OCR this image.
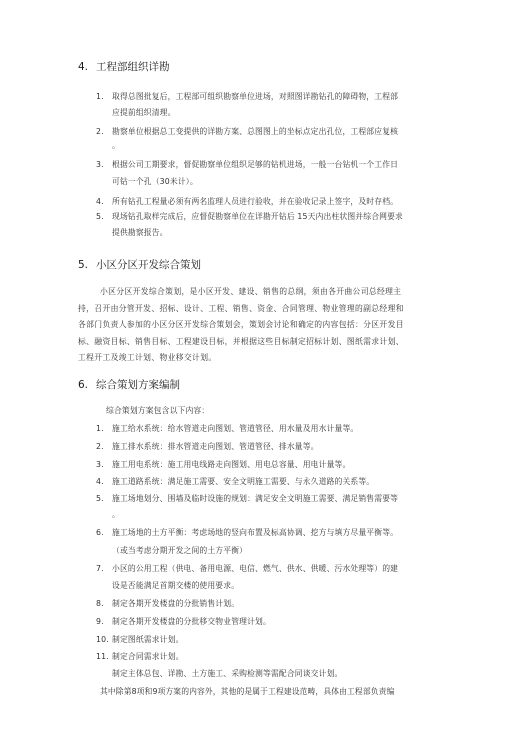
4. 工程部组织详勘
1. 取得总图批复后，工程部可组织勘察单位进场，对照图详勘钻孔的障碍物，工程部
应提前组织清理。
2. 勘察单位根据总工变提供的详勘方案、总图图上的坐标点定出孔位，工程部应复核
。
3. 根据公司工期要求，督促勘察单位组织足够的钻机进场，一般一台钻机一个工作日
可钻一个孔（30米计）。
4. 所有钻孔工程量必须有两名监理人员进行验收，并在验收记录上签字，及时存档。
5. 现场钻孔取样完成后，应督促勘察单位在详勘开钻后 15天内出柱状图并综合网要求
提供勘察报告。
5. 小区分区开发综合策划
小区分区开发综合策划，是小区开发、建设、销售的总纲，须由各开曲公司总经理主
持，召开由分管开发、招标、设计、工程、销售、资金、合同管理、物业管理的副总经理和
各部门负责人参加的小区分区开发综合策划会，策划会讨论和确定的内容包括：分区开发目
标、融资目标、销售目标、工程建设目标，并根据这些目标制定招标计划、图纸需求计划、
工程开工及竣工计划、物业移交计划。
6. 综合策划方案编制
综合策划方案包含以下内容：
1. 施工给水系统：给水管道走向图划、管道管径、用水量及用水计量等。
2. 施工排水系统：排水管道走向图划、管道管径、排水量等。
3. 施工用电系统：施工用电线路走向图划、用电总容量、用电计量等。
4. 施工道路系统：满足施工需要、安全文明施工需要、与永久道路的关系等。
5. 施工场地划分、围墙及临时设施的规划：满足安全文明施工需要、满足销售需要等
。
6. 施工场地的土方平衡：考虑场地的竖向布置及标高协调、挖方与填方尽量平衡等。
（或当考虑分期开发之间的土方平衡）
7. 小区的公用工程（供电、备用电源、电信、燃气、供水、供暖、污水处理等）的建
设是否能满足首期交楼的使用要求。
8. 制定各期开发楼盘的分批销售计划。
9. 制定各期开发楼盘的分批移交物业管理计划。
10. 制定图纸需求计划。
11. 制定合同需求计划。
制定主体总包、详勘、土方施工、采购检测等需配合同谈交计划。
其中除第8项和9项方案的内容外，其他的是属于工程建设范畴，具体由工程部负责编
